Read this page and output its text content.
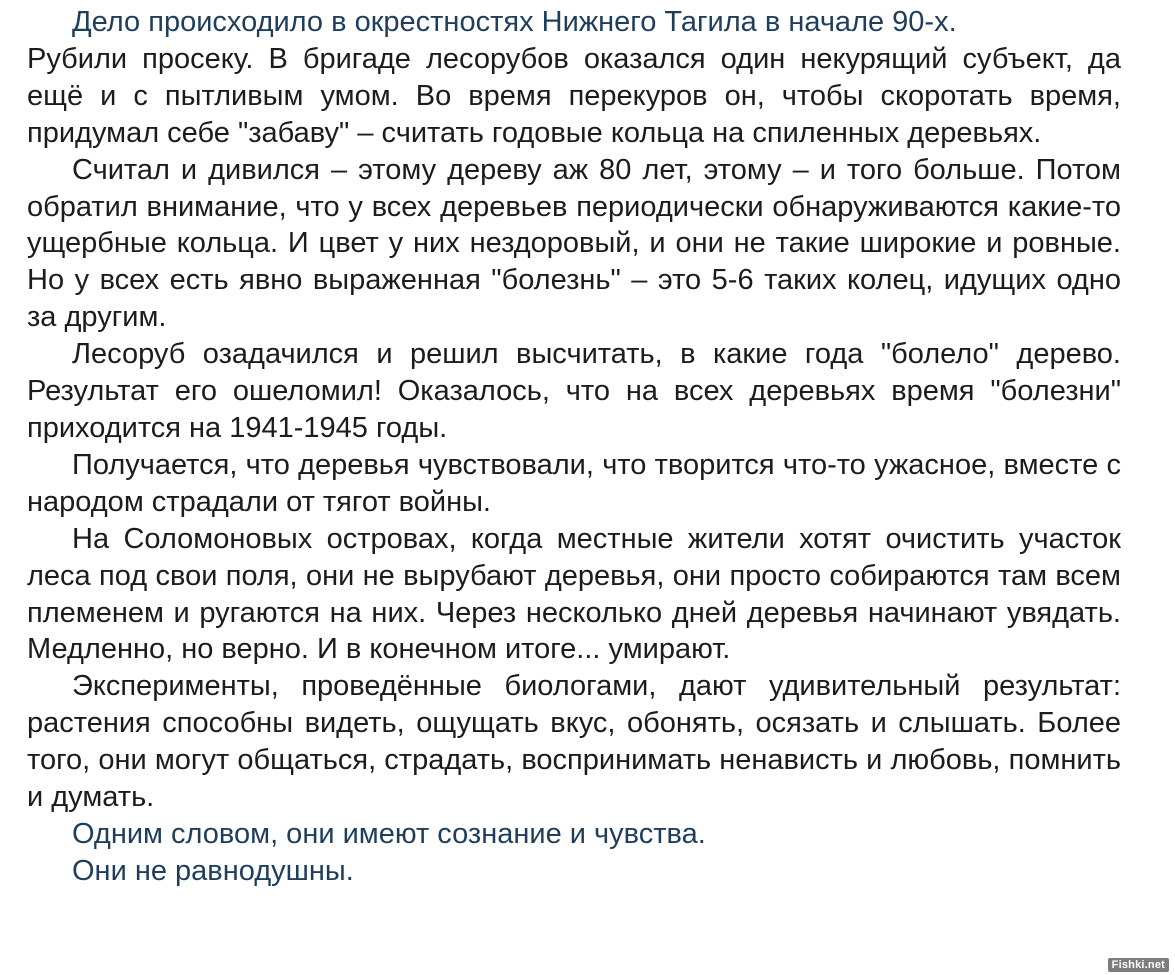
Дело происходило в окрестностях Нижнего Тагила в начале 90-х.

Рубили просеку. В бригаде лесорубов оказался один некурящий субъект, да ещё и с пытливым умом. Во время перекуров он, чтобы скоротать время, придумал себе "забаву" – считать годовые кольца на спиленных деревьях.

Считал и дивился – этому дереву аж 80 лет, этому – и того больше. Потом обратил внимание, что у всех деревьев периодически обнаруживаются какие-то ущербные кольца. И цвет у них нездоровый, и они не такие широкие и ровные. Но у всех есть явно выраженная "болезнь" – это 5-6 таких колец, идущих одно за другим.

Лесоруб озадачился и решил высчитать, в какие года "болело" дерево. Результат его ошеломил! Оказалось, что на всех деревьях время "болезни" приходится на 1941-1945 годы.

Получается, что деревья чувствовали, что творится что-то ужасное, вместе с народом страдали от тягот войны.

На Соломоновых островах, когда местные жители хотят очистить участок леса под свои поля, они не вырубают деревья, они просто собираются там всем племенем и ругаются на них. Через несколько дней деревья начинают увядать. Медленно, но верно. И в конечном итоге... умирают.

Эксперименты, проведённые биологами, дают удивительный результат: растения способны видеть, ощущать вкус, обонять, осязать и слышать. Более того, они могут общаться, страдать, воспринимать ненависть и любовь, помнить и думать.

Одним словом, они имеют сознание и чувства.

Они не равнодушны.

Fishki.net
